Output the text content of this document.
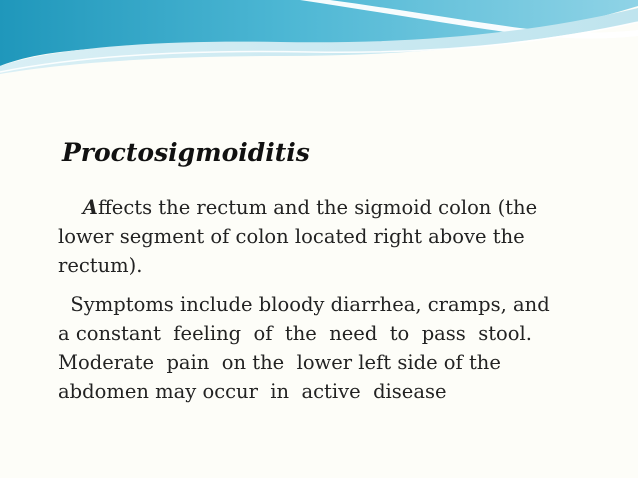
Proctosigmoiditis
Affects the rectum and the sigmoid colon (the
lower segment of colon located right above the
rectum).
Symptoms include bloody diarrhea, cramps, and
a constant  feeling  of  the  need  to  pass  stool.
Moderate  pain  on the  lower left side of the
abdomen may occur  in  active  disease
